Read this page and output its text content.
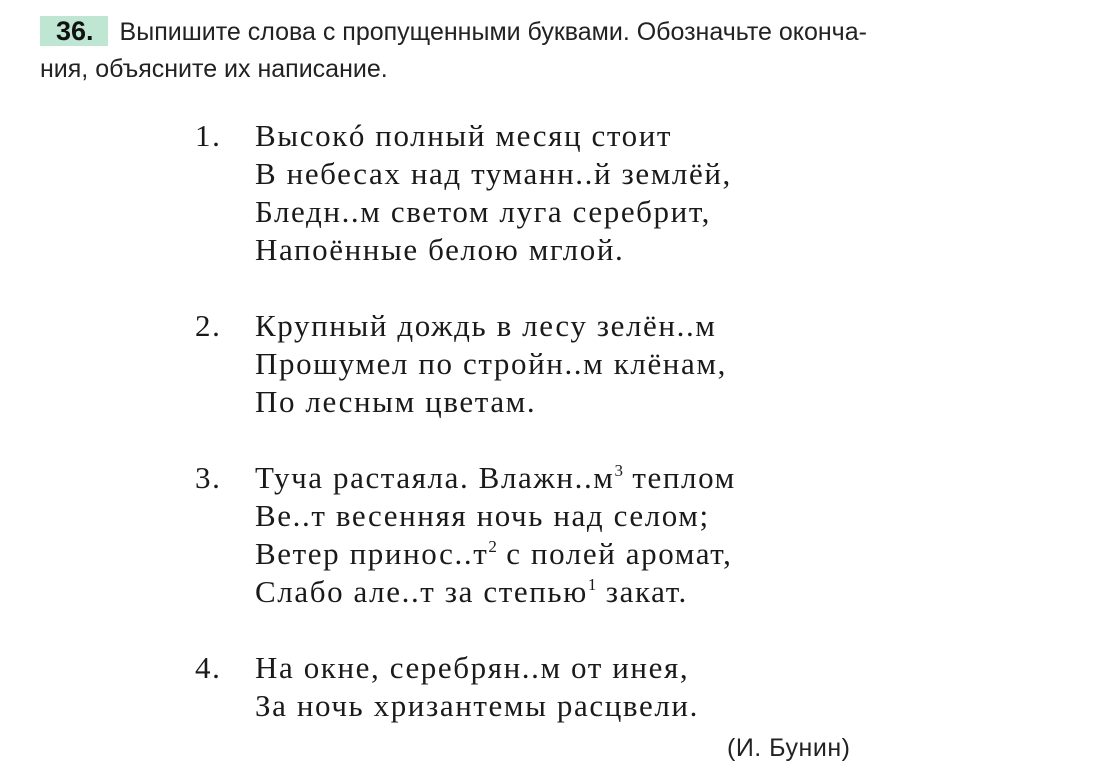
36. Выпишите слова с пропущенными буквами. Обозначьте оконча-
ния, объясните их написание.
1.	Высокó полный месяц стоит
В небесах над туманн..й землёй,
Бледн..м светом луга серебрит,
Напоённые белою мглой.
2.	Крупный дождь в лесу зелён..м
Прошумел по стройн..м клёнам,
По лесным цветам.
3.	Туча растаяла. $Влажн..м^3$ теплом
Ве..т весенняя ночь над селом;
Ветер $принос..т^2$ с полей аромат,
Слабо але..т за степью$^1$ закат.
4.	На окне, серебрян..м от инея,
За ночь хризантемы расцвели.
(И. Бунин)
